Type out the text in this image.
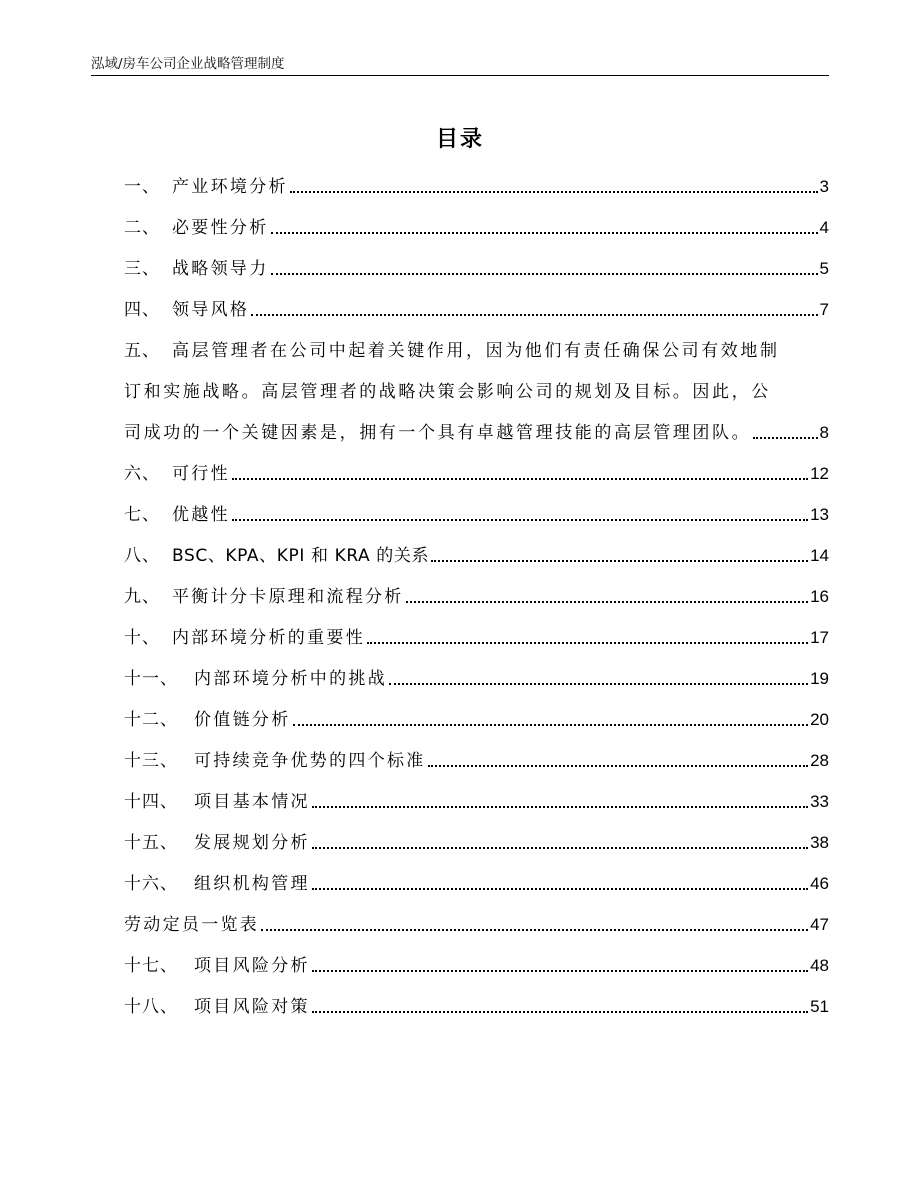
泓域/房车公司企业战略管理制度
目录
一、 产业环境分析	3
二、 必要性分析	4
三、 战略领导力	5
四、 领导风格	7
五、 高层管理者在公司中起着关键作用，因为他们有责任确保公司有效地制
订和实施战略。高层管理者的战略决策会影响公司的规划及目标。因此，公
司成功的一个关键因素是，拥有一个具有卓越管理技能的高层管理团队。	8
六、 可行性	12
七、 优越性	13
八、 BSC、KPA、KPI 和 KRA 的关系	14
九、 平衡计分卡原理和流程分析	16
十、 内部环境分析的重要性	17
十一、 内部环境分析中的挑战	19
十二、 价值链分析	20
十三、 可持续竞争优势的四个标准	28
十四、 项目基本情况	33
十五、 发展规划分析	38
十六、 组织机构管理	46
劳动定员一览表	47
十七、 项目风险分析	48
十八、 项目风险对策	51
